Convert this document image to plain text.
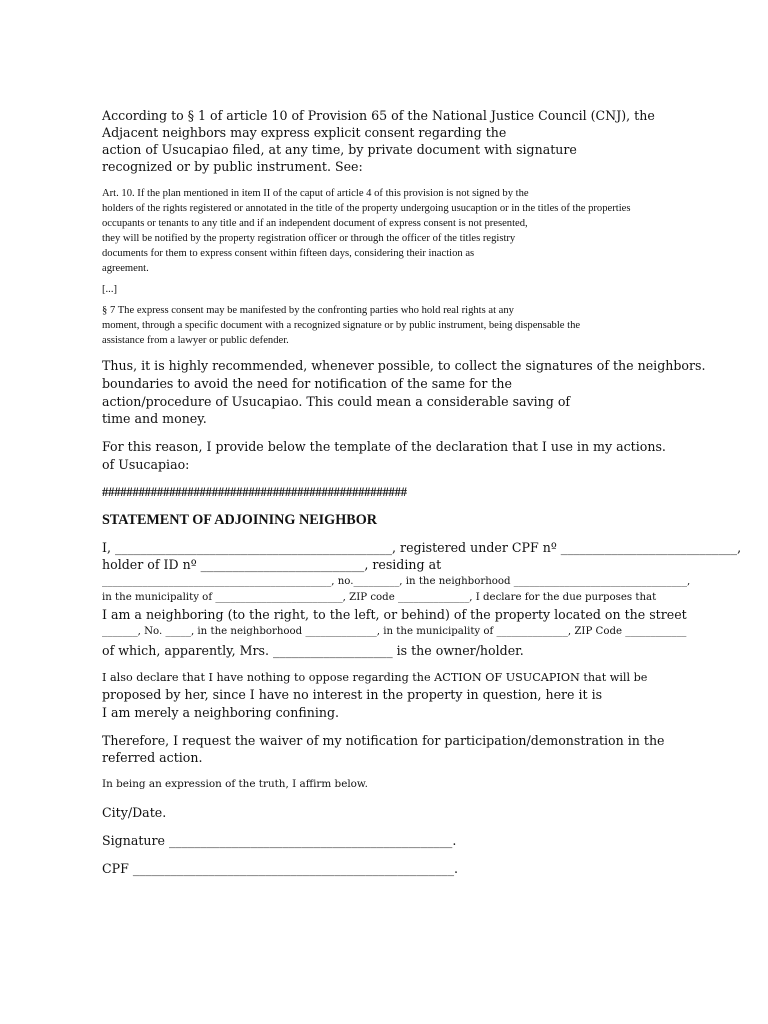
According to § 1 of article 10 of Provision 65 of the National Justice Council (CNJ), the

Adjacent neighbors may express explicit consent regarding the

action of Usucapiao filed, at any time, by private document with signature

recognized or by public instrument. See:

Art. 10. If the plan mentioned in item II of the caput of article 4 of this provision is not signed by the

holders of the rights registered or annotated in the title of the property undergoing usucaption or in the titles of the properties

occupants or tenants to any title and if an independent document of express consent is not presented,

they will be notified by the property registration officer or through the officer of the titles registry

documents for them to express consent within fifteen days, considering their inaction as

agreement.

[...]

§ 7 The express consent may be manifested by the confronting parties who hold real rights at any

moment, through a specific document with a recognized signature or by public instrument, being dispensable the

assistance from a lawyer or public defender.

Thus, it is highly recommended, whenever possible, to collect the signatures of the neighbors.

boundaries to avoid the need for notification of the same for the

action/procedure of Usucapiao. This could mean a considerable saving of

time and money.

For this reason, I provide below the template of the declaration that I use in my actions.

of Usucapiao:

##################################################

STATEMENT OF ADJOINING NEIGHBOR

I, ____________________________________________, registered under CPF nº ____________________________,

holder of ID nº __________________________, residing at

_____________________________________________, no._________, in the neighborhood __________________________________,

in the municipality of _________________________, ZIP code ______________, I declare for the due purposes that

I am a neighboring (to the right, to the left, or behind) of the property located on the street

_______, No. _____, in the neighborhood ______________, in the municipality of ______________, ZIP Code ____________

of which, apparently, Mrs. ___________________ is the owner/holder.

I also declare that I have nothing to oppose regarding the ACTION OF USUCAPION that will be

proposed by her, since I have no interest in the property in question, here it is

I am merely a neighboring confining.

Therefore, I request the waiver of my notification for participation/demonstration in the

referred action.

In being an expression of the truth, I affirm below.

City/Date.

Signature _____________________________________________.

CPF ___________________________________________________.
